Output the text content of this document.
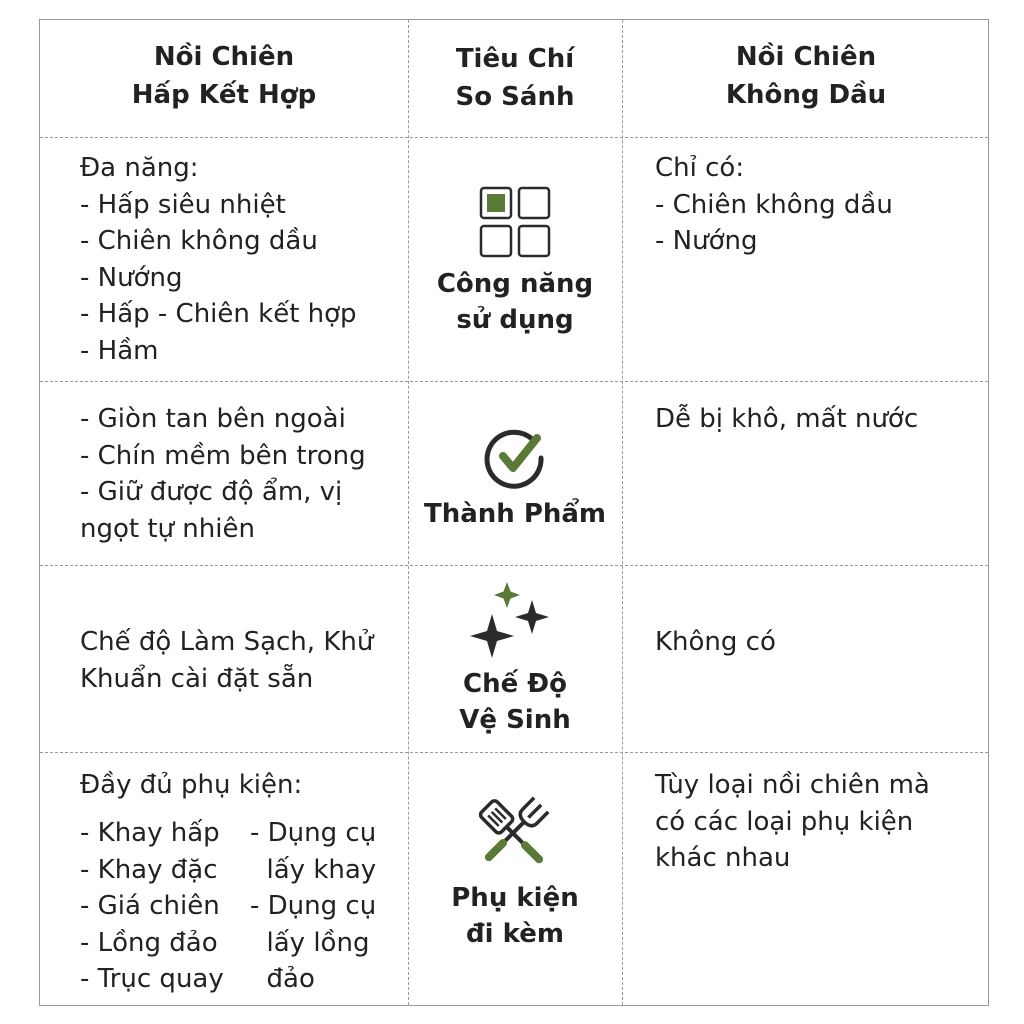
Nồi Chiên
Hấp Kết Hợp
Tiêu Chí
So Sánh
Nồi Chiên
Không Dầu
Đa năng:
- Hấp siêu nhiệt
- Chiên không dầu
- Nướng
- Hấp - Chiên kết hợp
- Hầm
Công năng
sử dụng
Chỉ có:
- Chiên không dầu
- Nướng
- Giòn tan bên ngoài
- Chín mềm bên trong
- Giữ được độ ẩm, vị
ngọt tự nhiên	Thành Phẩm
Dễ bị khô, mất nước
Chế độ Làm Sạch, Khử
Khuẩn cài đặt sẵn	Chế Độ
Vệ Sinh
Không có
Đầy đủ phụ kiện:
- Khay hấp
- Khay đặc
- Giá chiên
- Lồng đảo
- Trục quay
- Dụng cụ
lấy khay
- Dụng cụ
lấy lồng
đảo
Phụ kiện
đi kèm
Tùy loại nồi chiên mà
có các loại phụ kiện
khác nhau
